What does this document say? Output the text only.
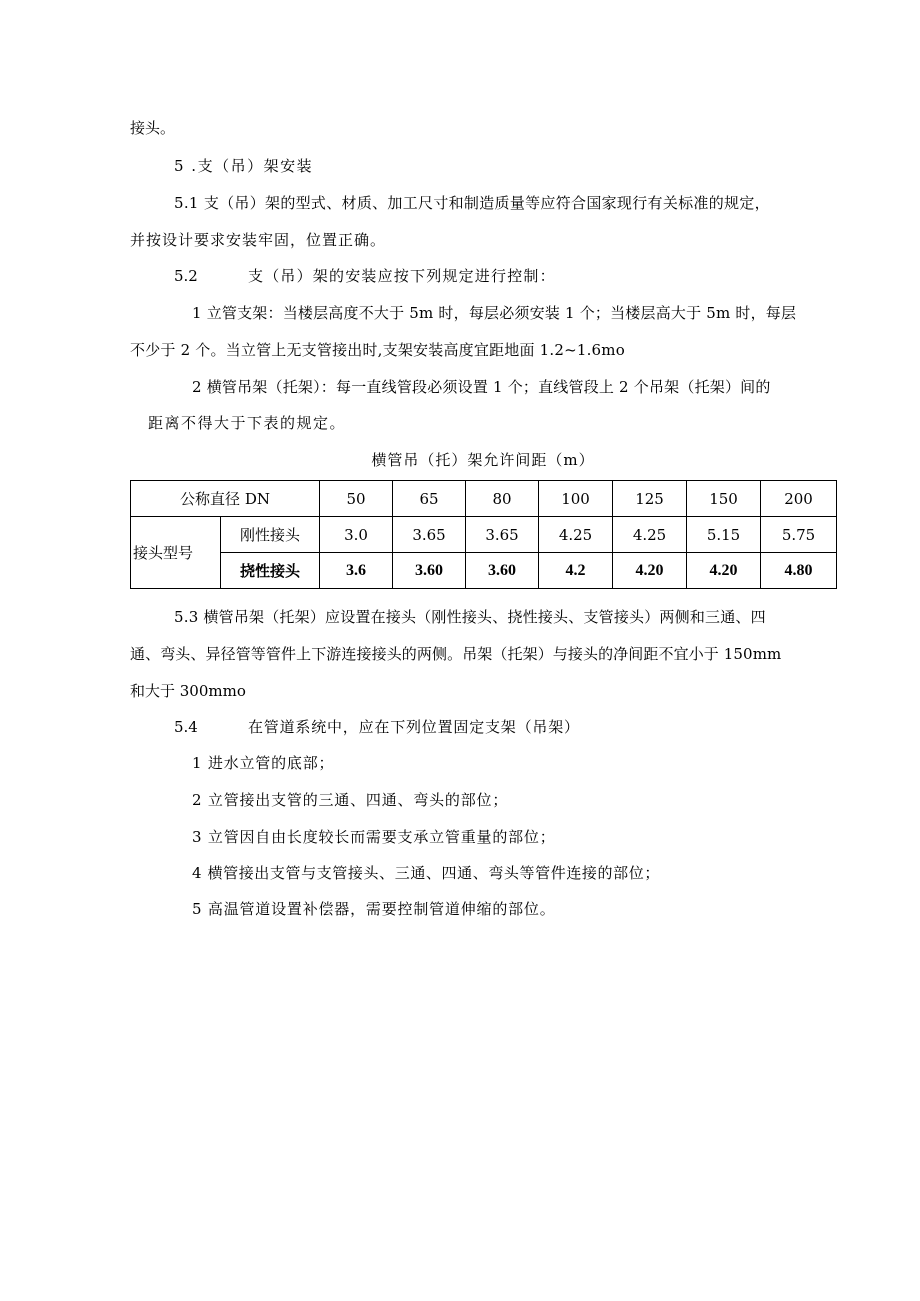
接头。
5 .支（吊）架安装
5.1 支（吊）架的型式、材质、加工尺寸和制造质量等应符合国家现行有关标准的规定，
并按设计要求安装牢固，位置正确。
5.2	支（吊）架的安装应按下列规定进行控制：
1 立管支架：当楼层高度不大于 5m 时，每层必须安装 1 个；当楼层高大于 5m 时，每层
不少于 2 个。当立管上无支管接出时,支架安装高度宜距地面 1.2~1.6mo
2 横管吊架（托架）：每一直线管段必须设置 1 个；直线管段上 2 个吊架（托架）间的
距离不得大于下表的规定。
横管吊（托）架允许间距（m）
公称直径 DN		50	65	80	100	125	150	200
接头型号	刚性接头	3.0	3.65	3.65	4.25	4.25	5.15	5.75
	挠性接头	3.6	3.60	3.60	4.2	4.20	4.20	4.80
5.3 横管吊架（托架）应设置在接头（刚性接头、挠性接头、支管接头）两侧和三通、四
通、弯头、异径管等管件上下游连接接头的两侧。吊架（托架）与接头的净间距不宜小于 150mm
和大于 300mmo
5.4	在管道系统中，应在下列位置固定支架（吊架）
1 进水立管的底部；
2 立管接出支管的三通、四通、弯头的部位；
3 立管因自由长度较长而需要支承立管重量的部位；
4 横管接出支管与支管接头、三通、四通、弯头等管件连接的部位；
5 高温管道设置补偿器，需要控制管道伸缩的部位。
